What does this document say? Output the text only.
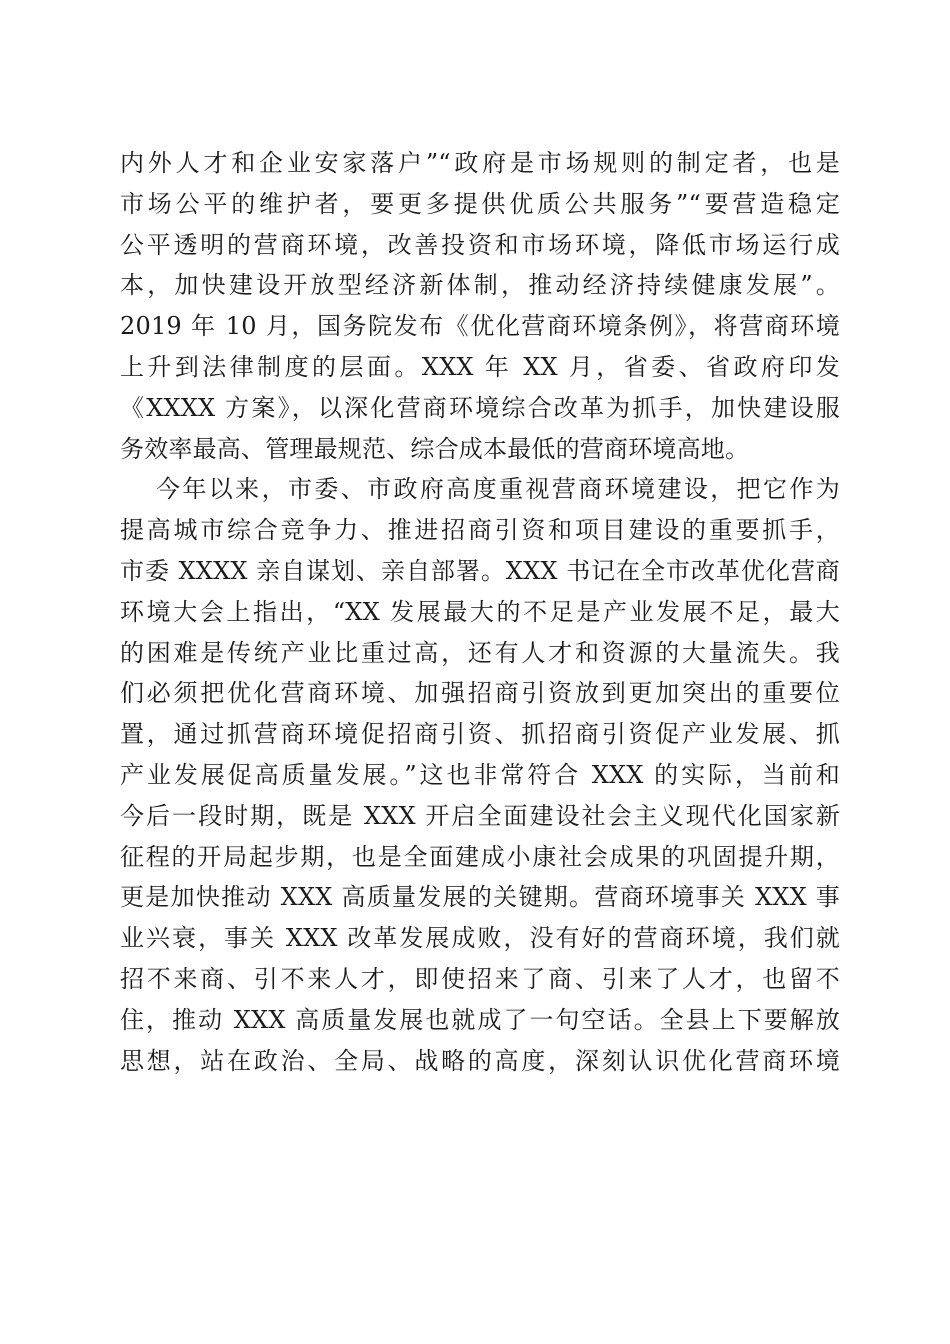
内外人才和企业安家落户”“政府是市场规则的制定者，也是
市场公平的维护者，要更多提供优质公共服务”“要营造稳定
公平透明的营商环境，改善投资和市场环境，降低市场运行成
本，加快建设开放型经济新体制，推动经济持续健康发展”。
2019 年 10 月，国务院发布《优化营商环境条例》，将营商环境
上升到法律制度的层面。XXX 年 XX 月，省委、省政府印发
《XXXX 方案》，以深化营商环境综合改革为抓手，加快建设服
务效率最高、管理最规范、综合成本最低的营商环境高地。
今年以来，市委、市政府高度重视营商环境建设，把它作为
提高城市综合竞争力、推进招商引资和项目建设的重要抓手，
市委 XXXX 亲自谋划、亲自部署。XXX 书记在全市改革优化营商
环境大会上指出，“XX 发展最大的不足是产业发展不足，最大
的困难是传统产业比重过高，还有人才和资源的大量流失。我
们必须把优化营商环境、加强招商引资放到更加突出的重要位
置，通过抓营商环境促招商引资、抓招商引资促产业发展、抓
产业发展促高质量发展。”这也非常符合 XXX 的实际，当前和
今后一段时期，既是 XXX 开启全面建设社会主义现代化国家新
征程的开局起步期，也是全面建成小康社会成果的巩固提升期，
更是加快推动 XXX 高质量发展的关键期。营商环境事关 XXX 事
业兴衰，事关 XXX 改革发展成败，没有好的营商环境，我们就
招不来商、引不来人才，即使招来了商、引来了人才，也留不
住，推动 XXX 高质量发展也就成了一句空话。全县上下要解放
思想，站在政治、全局、战略的高度，深刻认识优化营商环境
